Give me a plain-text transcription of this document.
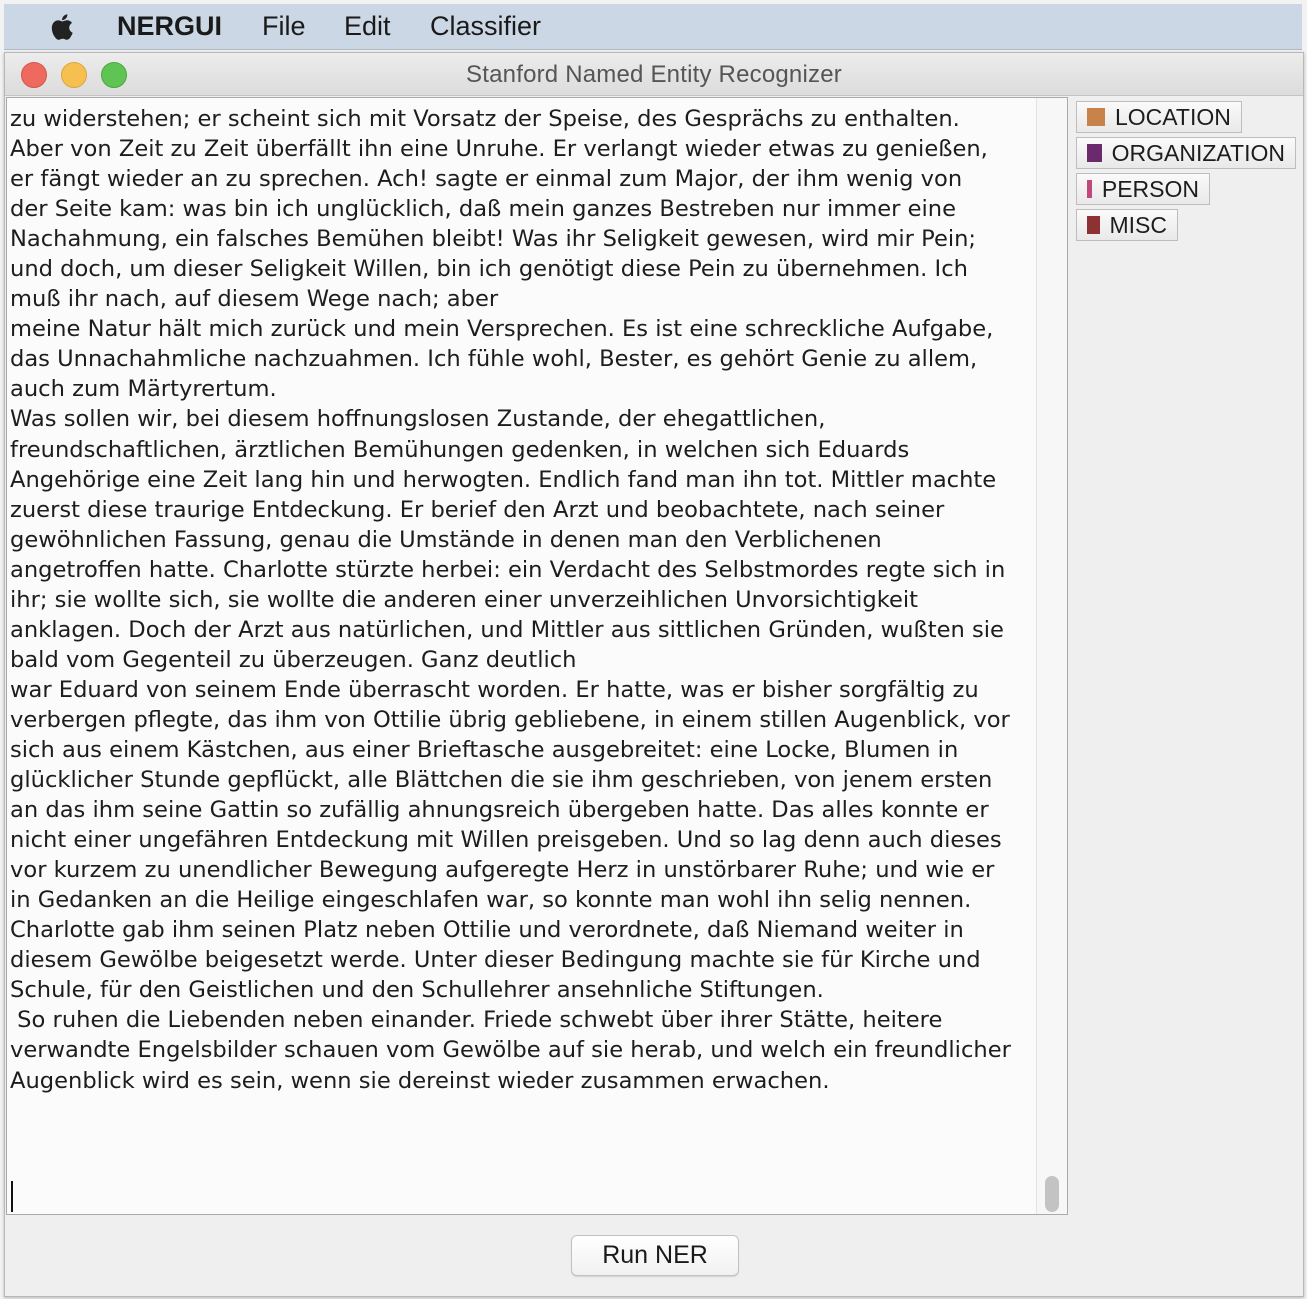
NERGUI File Edit Classifier
Stanford Named Entity Recognizer
zu widerstehen; er scheint sich mit Vorsatz der Speise, des Gesprächs zu enthalten.
Aber von Zeit zu Zeit überfällt ihn eine Unruhe. Er verlangt wieder etwas zu genießen,
er fängt wieder an zu sprechen. Ach! sagte er einmal zum Major, der ihm wenig von
der Seite kam: was bin ich unglücklich, daß mein ganzes Bestreben nur immer eine
Nachahmung, ein falsches Bemühen bleibt! Was ihr Seligkeit gewesen, wird mir Pein;
und doch, um dieser Seligkeit Willen, bin ich genötigt diese Pein zu übernehmen. Ich
muß ihr nach, auf diesem Wege nach; aber
meine Natur hält mich zurück und mein Versprechen. Es ist eine schreckliche Aufgabe,
das Unnachahmliche nachzuahmen. Ich fühle wohl, Bester, es gehört Genie zu allem,
auch zum Märtyrertum.
Was sollen wir, bei diesem hoffnungslosen Zustande, der ehegattlichen,
freundschaftlichen, ärztlichen Bemühungen gedenken, in welchen sich Eduards
Angehörige eine Zeit lang hin und herwogten. Endlich fand man ihn tot. Mittler machte
zuerst diese traurige Entdeckung. Er berief den Arzt und beobachtete, nach seiner
gewöhnlichen Fassung, genau die Umstände in denen man den Verblichenen
angetroffen hatte. Charlotte stürzte herbei: ein Verdacht des Selbstmordes regte sich in
ihr; sie wollte sich, sie wollte die anderen einer unverzeihlichen Unvorsichtigkeit
anklagen. Doch der Arzt aus natürlichen, und Mittler aus sittlichen Gründen, wußten sie
bald vom Gegenteil zu überzeugen. Ganz deutlich
war Eduard von seinem Ende überrascht worden. Er hatte, was er bisher sorgfältig zu
verbergen pflegte, das ihm von Ottilie übrig gebliebene, in einem stillen Augenblick, vor
sich aus einem Kästchen, aus einer Brieftasche ausgebreitet: eine Locke, Blumen in
glücklicher Stunde gepflückt, alle Blättchen die sie ihm geschrieben, von jenem ersten
an das ihm seine Gattin so zufällig ahnungsreich übergeben hatte. Das alles konnte er
nicht einer ungefähren Entdeckung mit Willen preisgeben. Und so lag denn auch dieses
vor kurzem zu unendlicher Bewegung aufgeregte Herz in unstörbarer Ruhe; und wie er
in Gedanken an die Heilige eingeschlafen war, so konnte man wohl ihn selig nennen.
Charlotte gab ihm seinen Platz neben Ottilie und verordnete, daß Niemand weiter in
diesem Gewölbe beigesetzt werde. Unter dieser Bedingung machte sie für Kirche und
Schule, für den Geistlichen und den Schullehrer ansehnliche Stiftungen.
So ruhen die Liebenden neben einander. Friede schwebt über ihrer Stätte, heitere
verwandte Engelsbilder schauen vom Gewölbe auf sie herab, und welch ein freundlicher
Augenblick wird es sein, wenn sie dereinst wieder zusammen erwachen.
LOCATION
ORGANIZATION
PERSON
MISC
Run NER
